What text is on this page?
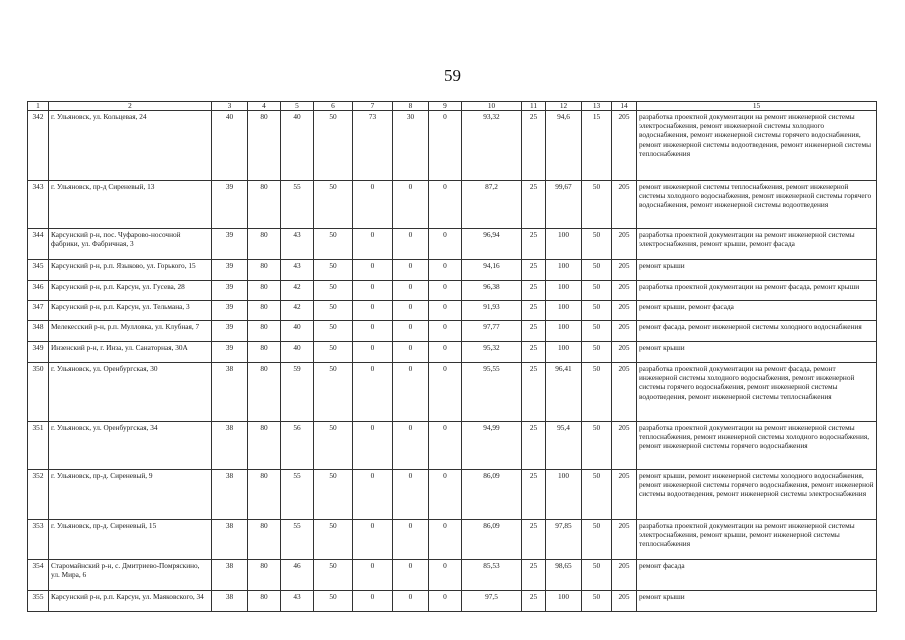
59
1	2	3	4	5	6	7	8	9	10	11	12	13	14	15
342	г. Ульяновск, ул. Кольцевая, 24	40	80	40	50	73	30	0	93,32	25	94,6	15	205	разработка проектной документации на ремонт инженерной системы электроснабжения, ремонт инженерной системы холодного водоснабжения, ремонт инженерной системы горячего водоснабжения, ремонт инженерной системы водоотведения, ремонт инженерной системы теплоснабжения
343	г. Ульяновск, пр-д Сиреневый, 13	39	80	55	50	0	0	0	87,2	25	99,67	50	205	ремонт инженерной системы теплоснабжения, ремонт инженерной системы холодного водоснабжения, ремонт инженерной системы горячего водоснабжения, ремонт инженерной системы водоотведения
344	Карсунский р-н, пос. Чуфарово-носочной фабрики, ул. Фабричная, 3	39	80	43	50	0	0	0	96,94	25	100	50	205	разработка проектной документации на ремонт инженерной системы электроснабжения, ремонт крыши, ремонт фасада
345	Карсунский р-н, р.п. Языково, ул. Горького, 15	39	80	43	50	0	0	0	94,16	25	100	50	205	ремонт крыши
346	Карсунский р-н, р.п. Карсун, ул. Гусева, 28	39	80	42	50	0	0	0	96,38	25	100	50	205	разработка проектной документации на ремонт фасада, ремонт крыши
347	Карсунский р-н, р.п. Карсун, ул. Тельмана, 3	39	80	42	50	0	0	0	91,93	25	100	50	205	ремонт крыши, ремонт фасада
348	Мелекесский р-н, р.п. Мулловка, ул. Клубная, 7	39	80	40	50	0	0	0	97,77	25	100	50	205	ремонт фасада, ремонт инженерной системы холодного водоснабжения
349	Инзенский р-н, г. Инза, ул. Санаторная, 30А	39	80	40	50	0	0	0	95,32	25	100	50	205	ремонт крыши
350	г. Ульяновск, ул. Оренбургская, 30	38	80	59	50	0	0	0	95,55	25	96,41	50	205	разработка проектной документации на ремонт фасада, ремонт инженерной системы холодного водоснабжения, ремонт инженерной системы горячего водоснабжения, ремонт инженерной системы водоотведения, ремонт инженерной системы теплоснабжения
351	г. Ульяновск, ул. Оренбургская, 34	38	80	56	50	0	0	0	94,99	25	95,4	50	205	разработка проектной документации на ремонт инженерной системы теплоснабжения, ремонт инженерной системы холодного водоснабжения, ремонт инженерной системы горячего водоснабжения
352	г. Ульяновск, пр-д. Сиреневый, 9	38	80	55	50	0	0	0	86,09	25	100	50	205	ремонт крыши, ремонт инженерной системы холодного водоснабжения, ремонт инженерной системы горячего водоснабжения, ремонт инженерной системы водоотведения, ремонт инженерной системы электроснабжения
353	г. Ульяновск, пр-д. Сиреневый, 15	38	80	55	50	0	0	0	86,09	25	97,85	50	205	разработка проектной документации на ремонт инженерной системы электроснабжения, ремонт крыши, ремонт инженерной системы теплоснабжения
354	Старомайнский р-н, с. Дмитриево-Помряскино, ул. Мира, 6	38	80	46	50	0	0	0	85,53	25	98,65	50	205	ремонт фасада
355	Карсунский р-н, р.п. Карсун, ул. Маяковского, 34	38	80	43	50	0	0	0	97,5	25	100	50	205	ремонт крыши
